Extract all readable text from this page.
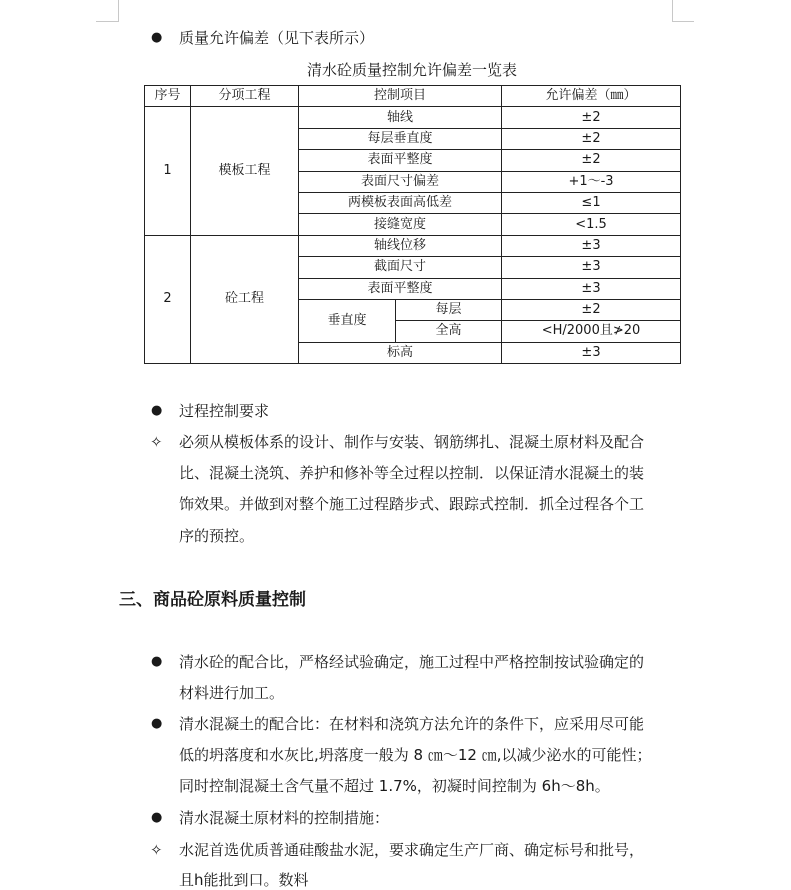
● 质量允许偏差（见下表所示）
清水砼质量控制允许偏差一览表
序号	分项工程	控制项目		允许偏差（㎜）
1	模板工程	轴线		±2
		每层垂直度		±2
		表面平整度		±2
		表面尺寸偏差		+1～-3
		两模板表面高低差		≤1
		接缝宽度		<1.5
2	砼工程	轴线位移		±3
		截面尺寸		±3
		表面平整度		±3
		垂直度	每层	±2
			全高	<H/2000且≯20
		标高		±3
● 过程控制要求
✧ 必须从模板体系的设计、制作与安装、钢筋绑扎、混凝土原材料及配合
比、混凝土浇筑、养护和修补等全过程以控制．以保证清水混凝土的装
饰效果。并做到对整个施工过程踏步式、跟踪式控制．抓全过程各个工
序的预控。
三、商品砼原料质量控制
● 清水砼的配合比，严格经试验确定，施工过程中严格控制按试验确定的
材料进行加工。
● 清水混凝土的配合比：在材料和浇筑方法允许的条件下，应采用尽可能
低的坍落度和水灰比,坍落度一般为 8 ㎝～12 ㎝,以减少泌水的可能性；
同时控制混凝土含气量不超过 1.7%，初凝时间控制为 6h～8h。
● 清水混凝土原材料的控制措施：
✧ 水泥首选优质普通硅酸盐水泥，要求确定生产厂商、确定标号和批号，
且һ能批到口。数料
